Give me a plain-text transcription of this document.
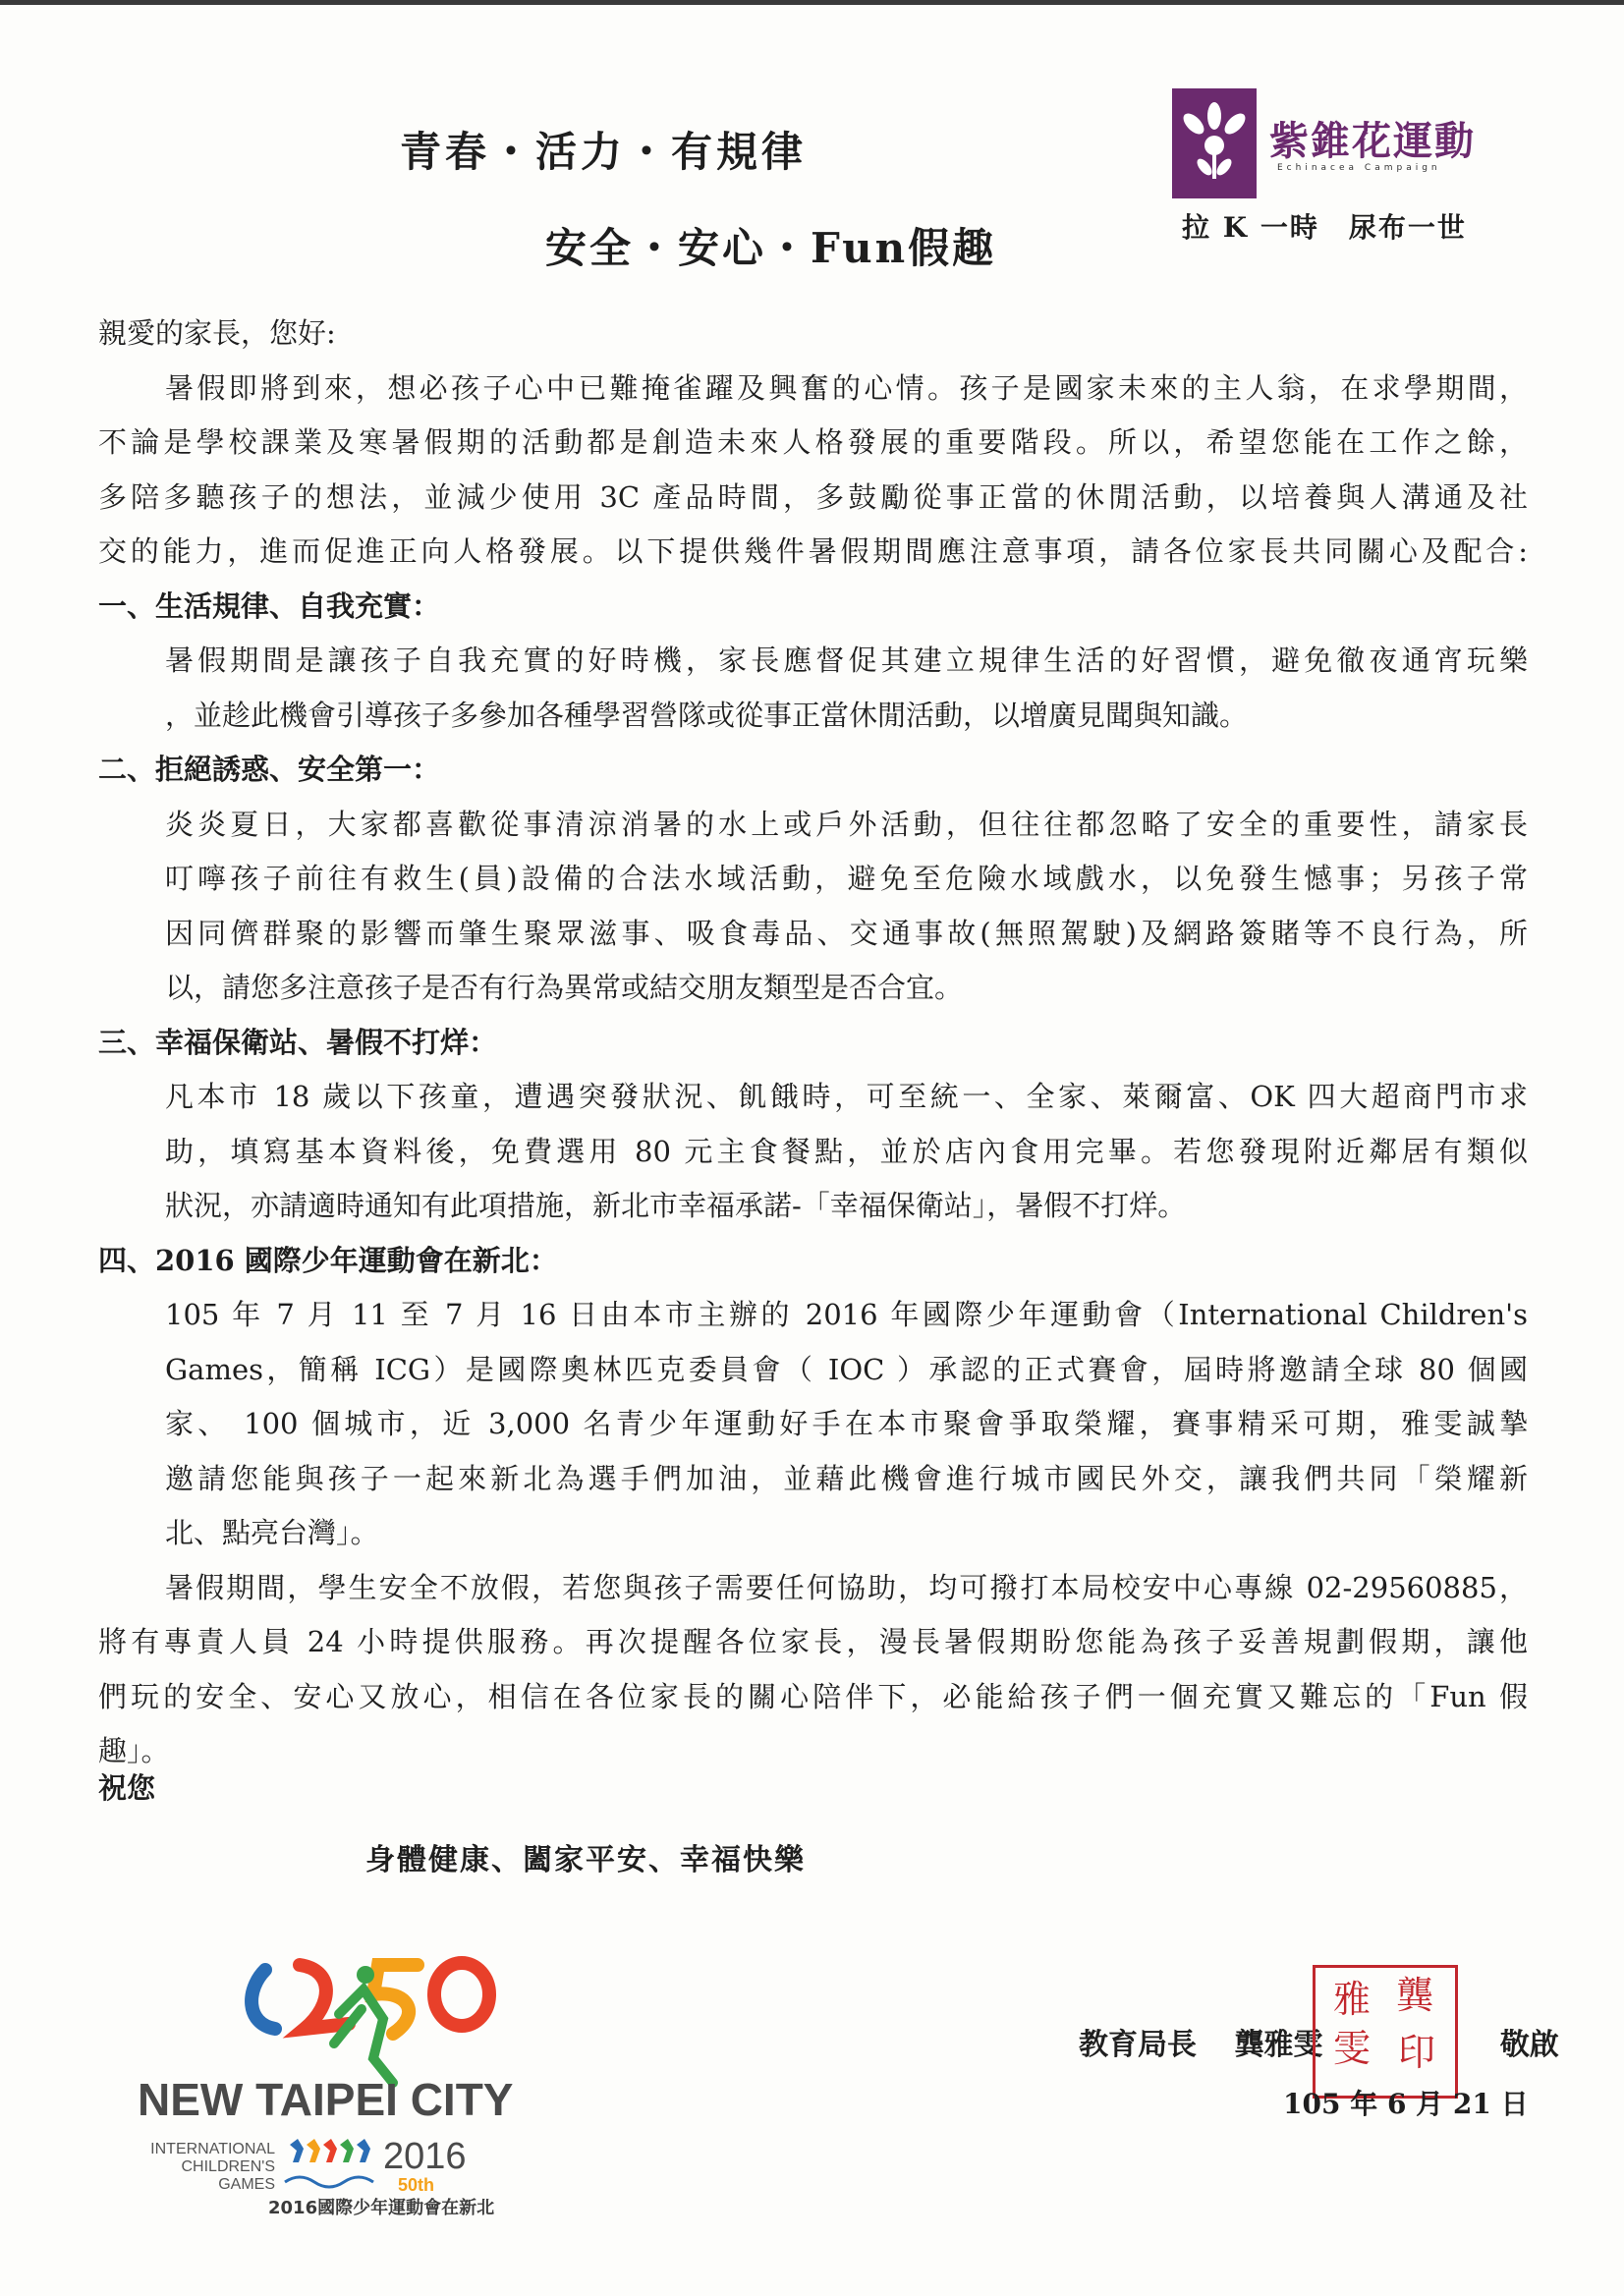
青春・活力・有規律
安全・安心・Fun假趣
紫錐花運動
Echinacea Campaign
拉 K 一時　尿布一世
親愛的家長，您好:
暑假即將到來，想必孩子心中已難掩雀躍及興奮的心情。孩子是國家未來的主人翁，在求學期間，
不論是學校課業及寒暑假期的活動都是創造未來人格發展的重要階段。所以，希望您能在工作之餘，
多陪多聽孩子的想法，並減少使用 3C 產品時間，多鼓勵從事正當的休閒活動，以培養與人溝通及社
交的能力，進而促進正向人格發展。以下提供幾件暑假期間應注意事項，請各位家長共同關心及配合:
一、生活規律、自我充實：
暑假期間是讓孩子自我充實的好時機，家長應督促其建立規律生活的好習慣，避免徹夜通宵玩樂
，並趁此機會引導孩子多參加各種學習營隊或從事正當休閒活動，以增廣見聞與知識。
二、拒絕誘惑、安全第一：
炎炎夏日，大家都喜歡從事清涼消暑的水上或戶外活動，但往往都忽略了安全的重要性，請家長
叮嚀孩子前往有救生(員)設備的合法水域活動，避免至危險水域戲水，以免發生憾事；另孩子常
因同儕群聚的影響而肇生聚眾滋事、吸食毒品、交通事故(無照駕駛)及網路簽賭等不良行為，所
以，請您多注意孩子是否有行為異常或結交朋友類型是否合宜。
三、幸福保衛站、暑假不打烊：
凡本市 18 歲以下孩童，遭遇突發狀況、飢餓時，可至統一、全家、萊爾富、OK 四大超商門市求
助，填寫基本資料後，免費選用 80 元主食餐點，並於店內食用完畢。若您發現附近鄰居有類似
狀況，亦請適時通知有此項措施，新北市幸福承諾-「幸福保衛站」，暑假不打烊。
四、2016 國際少年運動會在新北：
105 年 7 月 11 至 7 月 16 日由本市主辦的 2016 年國際少年運動會（International Children's
Games，簡稱 ICG）是國際奧林匹克委員會（ IOC ）承認的正式賽會，屆時將邀請全球 80 個國
家、 100 個城市，近 3,000 名青少年運動好手在本市聚會爭取榮耀，賽事精采可期，雅雯誠摯
邀請您能與孩子一起來新北為選手們加油，並藉此機會進行城市國民外交，讓我們共同「榮耀新
北、點亮台灣」。
暑假期間，學生安全不放假，若您與孩子需要任何協助，均可撥打本局校安中心專線 02-29560885，
將有專責人員 24 小時提供服務。再次提醒各位家長，漫長暑假期盼您能為孩子妥善規劃假期，讓他
們玩的安全、安心又放心，相信在各位家長的關心陪伴下，必能給孩子們一個充實又難忘的「Fun 假
趣」。
祝您
身體健康、闔家平安、幸福快樂
NEW TAIPEI CITY
INTERNATIONAL
CHILDREN'S
GAMES
2016
50th
2016國際少年運動會在新北
教育局長 龔雅雯	敬啟
龔
雅
雯 印
105 年 6 月 21 日
